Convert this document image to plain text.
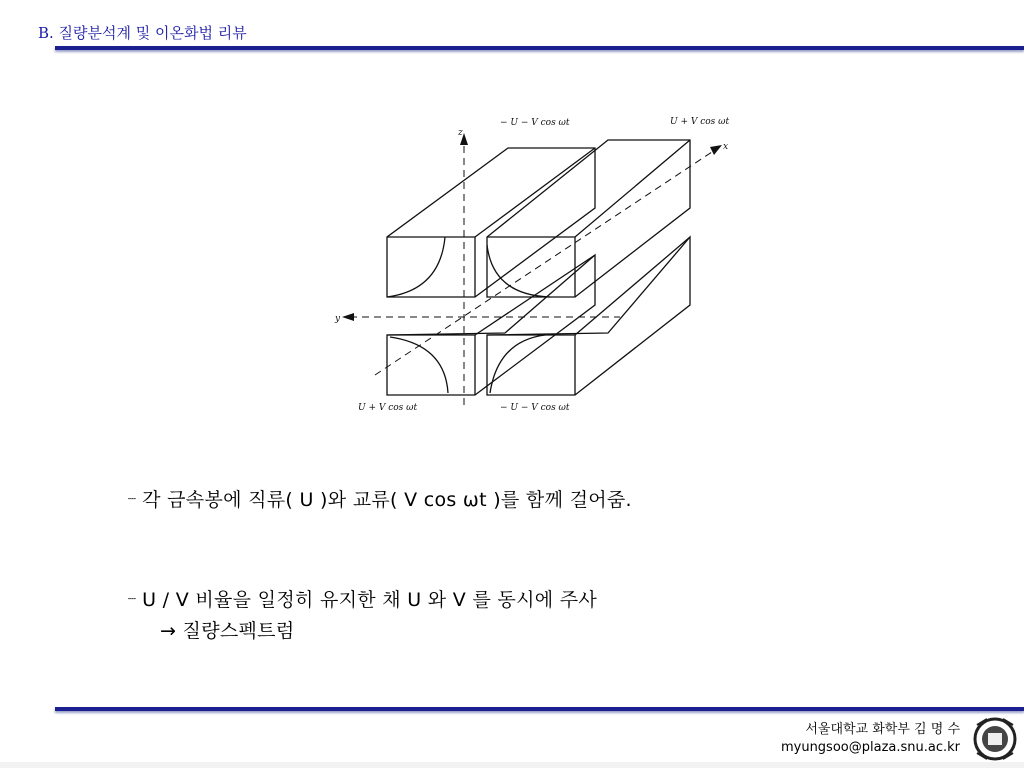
B. 질량분석계 및 이온화법 리뷰
− U − V cos ωt	U + V cos ωt
U + V cos ωt	− U − V cos ωt
z
x
y
┈ 각 금속봉에 직류( U )와 교류( V cos ωt )를 함께 걸어줌.
┈ U / V 비율을 일정히 유지한 채 U 와 V 를 동시에 주사
→ 질량스펙트럼
서울대학교 화학부 김 명 수
myungsoo@plaza.snu.ac.kr
